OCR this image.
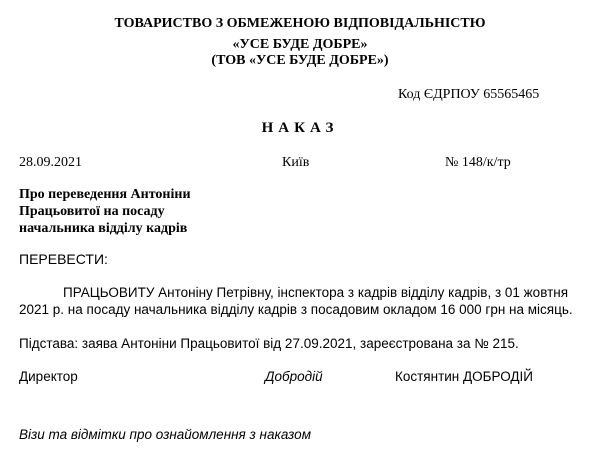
ТОВАРИСТВО З ОБМЕЖЕНОЮ ВІДПОВІДАЛЬНІСТЮ
«УСЕ БУДЕ ДОБРЕ»
(ТОВ «УСЕ БУДЕ ДОБРЕ»)
Код ЄДРПОУ 65565465
НАКАЗ
28.09.2021	Київ	№ 148/к/тр
Про переведення Антоніни
Працьовитої на посаду
начальника відділу кадрів
ПЕРЕВЕСТИ:
ПРАЦЬОВИТУ Антоніну Петрівну, інспектора з кадрів відділу кадрів, з 01 жовтня
2021 р. на посаду начальника відділу кадрів з посадовим окладом 16 000 грн на місяць.
Підстава: заява Антоніни Працьовитої від 27.09.2021, зареєстрована за № 215.
Директор	Добродій	Костянтин ДОБРОДІЙ
Візи та відмітки про ознайомлення з наказом
